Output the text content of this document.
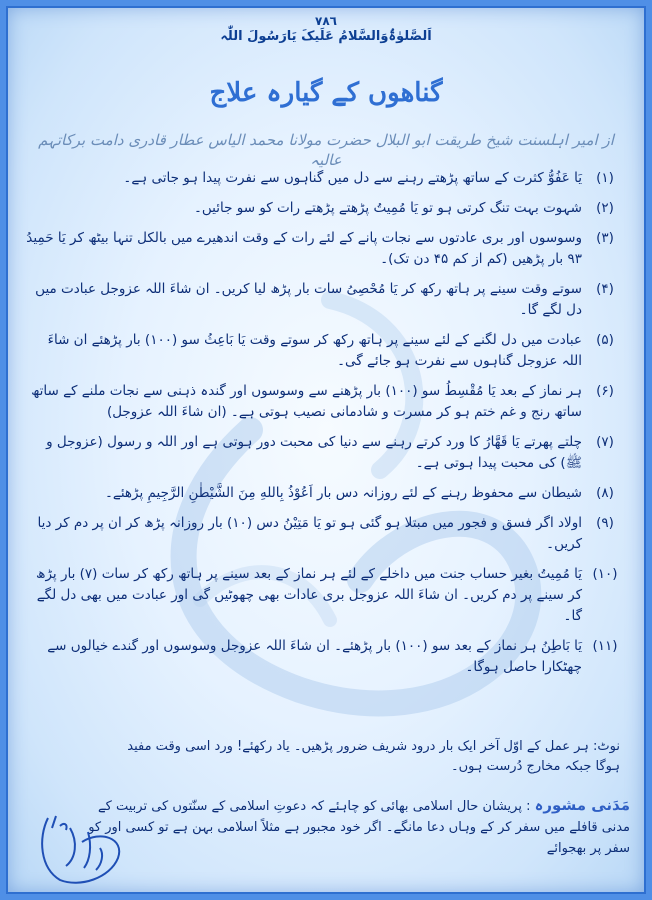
٧٨٦
اَلصَّلوٰۃُوَالسَّلامُ عَلَیکَ یَارَسُولَ اللّٰہ
گناھوں کے گیارہ علاج
از امیر اہلسنت شیخ طریقت ابو البلال حضرت مولانا محمد الیاس عطار قادری دامت برکاتہم عالیہ
(۱)
یَا عَفُوُّ کثرت کے ساتھ پڑھتے رہنے سے دل میں گناہوں سے نفرت پیدا ہو جاتی ہے۔
(۲)
شہوت بہت تنگ کرتی ہو تو یَا مُمِیتُ پڑھتے پڑھتے رات کو سو جائیں۔
(۳)
وسوسوں اور بری عادتوں سے نجات پانے کے لئے رات کے وقت اندھیرے میں بالکل تنہا بیٹھ کر یَا حَمِیدُ ۹۳ بار پڑھیں (کم از کم ۴۵ دن تک)۔
(۴)
سوتے وقت سینے پر ہاتھ رکھ کر یَا مُحْصِیُ سات بار پڑھ لیا کریں۔ ان شاءَ اللہ عزوجل عبادت میں دل لگے گا۔
(۵)
عبادت میں دل لگنے کے لئے سینے پر ہاتھ رکھ کر سوتے وقت یَا بَاعِثُ سو (۱۰۰) بار پڑھئے ان شاءَ اللہ عزوجل گناہوں سے نفرت ہو جائے گی۔
(۶)
ہر نماز کے بعد یَا مُقْسِطُ سو (۱۰۰) بار پڑھنے سے وسوسوں اور گندہ ذہنی سے نجات ملنے کے ساتھ ساتھ رنج و غم ختم ہو کر مسرت و شادمانی نصیب ہوتی ہے۔ (ان شاءَ اللہ عزوجل)
(۷)
چلتے پھرتے یَا قَهَّارُ کا ورد کرتے رہنے سے دنیا کی محبت دور ہوتی ہے اور اللہ و رسول (عزوجل و ﷺ) کی محبت پیدا ہوتی ہے۔
(۸)
شیطان سے محفوظ رہنے کے لئے روزانہ دس بار اَعُوْذُ بِاللهِ مِنَ الشَّيْطٰنِ الرَّجِيمِ پڑھئے۔
(۹)
اولاد اگر فسق و فجور میں مبتلا ہو گئی ہو تو یَا مَتِیْنُ دس (۱۰) بار روزانہ پڑھ کر ان پر دم کر دیا کریں۔
(۱۰)
یَا مُمِیتُ بغیر حساب جنت میں داخلے کے لئے ہر نماز کے بعد سینے پر ہاتھ رکھ کر سات (۷) بار پڑھ کر سینے پر دم کریں۔ ان شاءَ اللہ عزوجل بری عادات بھی چھوٹیں گی اور عبادت میں بھی دل لگے گا۔
(۱۱)
یَا بَاطِنُ ہر نماز کے بعد سو (۱۰۰) بار پڑھئے۔ ان شاءَ اللہ عزوجل وسوسوں اور گندے خیالوں سے چھٹکارا حاصل ہوگا۔
نوٹ: ہر عمل کے اوّل آخر ایک بار درود شریف ضرور پڑھیں۔ یاد رکھئے! ورد اسی وقت مفید ہوگا جبکہ مخارج دُرست ہوں۔
مَدَنی مشورہ : پریشان حال اسلامی بھائی کو چاہئے کہ دعوتِ اسلامی کے سنّتوں کی تربیت کے مدنی قافلے میں سفر کر کے وہاں دعا مانگے۔ اگر خود مجبور ہے مثلاً اسلامی بہن ہے تو کسی اور کو سفر پر بھجوائے
